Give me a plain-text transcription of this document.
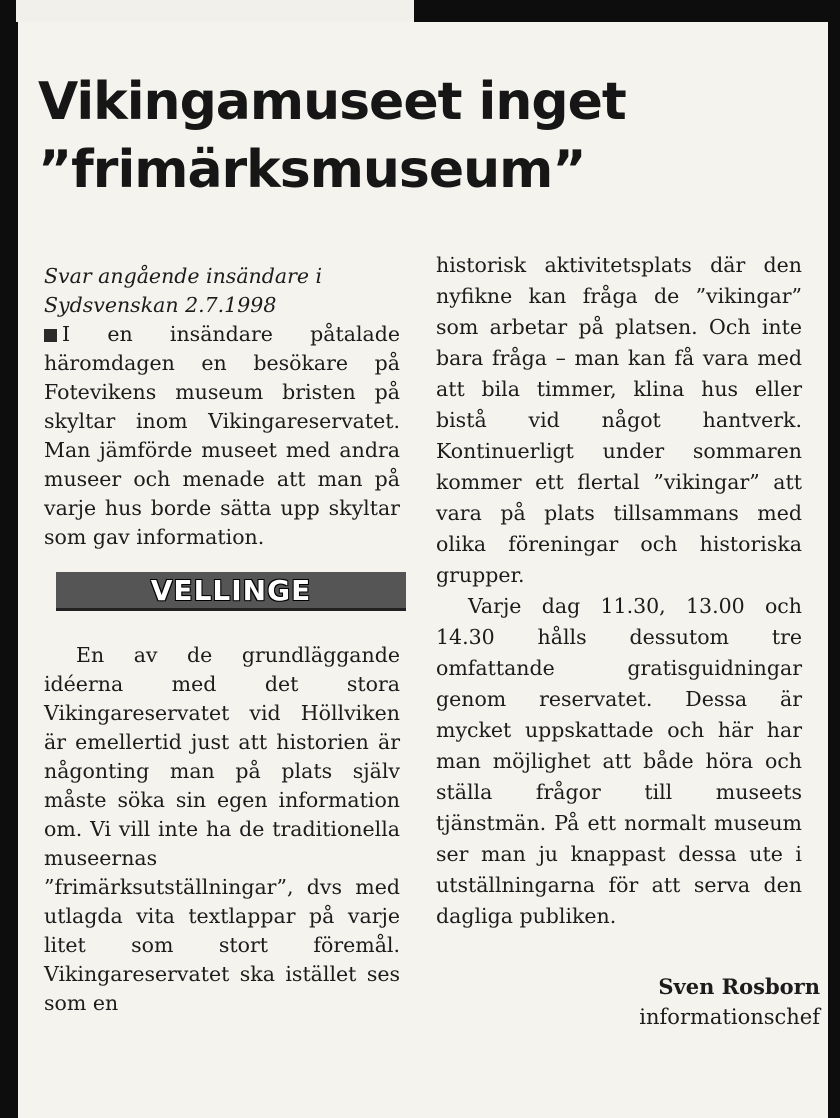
Vikingamuseet inget
”frimärksmuseum”

Svar angående insändare i Sydsvenskan 2.7.1998

I en insändare påtalade häromdagen en besökare på Fotevikens museum bristen på skyltar inom Vikingareservatet. Man jämförde museet med andra museer och menade att man på varje hus borde sätta upp skyltar som gav information.

VELLINGE

En av de grundläggande idéerna med det stora Vikingareservatet vid Höllviken är emellertid just att historien är någonting man på plats själv måste söka sin egen information om. Vi vill inte ha de traditionella museernas ”frimärksutställningar”, dvs med utlagda vita textlappar på varje litet som stort föremål. Vikingareservatet ska istället ses som en

historisk aktivitetsplats där den nyfikne kan fråga de ”vikingar” som arbetar på platsen. Och inte bara fråga – man kan få vara med att bila timmer, klina hus eller bistå vid något hantverk. Kontinuerligt under sommaren kommer ett flertal ”vikingar” att vara på plats tillsammans med olika föreningar och historiska grupper.

Varje dag 11.30, 13.00 och 14.30 hålls dessutom tre omfattande gratisguidningar genom reservatet. Dessa är mycket uppskattade och här har man möjlighet att både höra och ställa frågor till museets tjänstmän. På ett normalt museum ser man ju knappast dessa ute i utställningarna för att serva den dagliga publiken.

Sven Rosborn
informationschef
